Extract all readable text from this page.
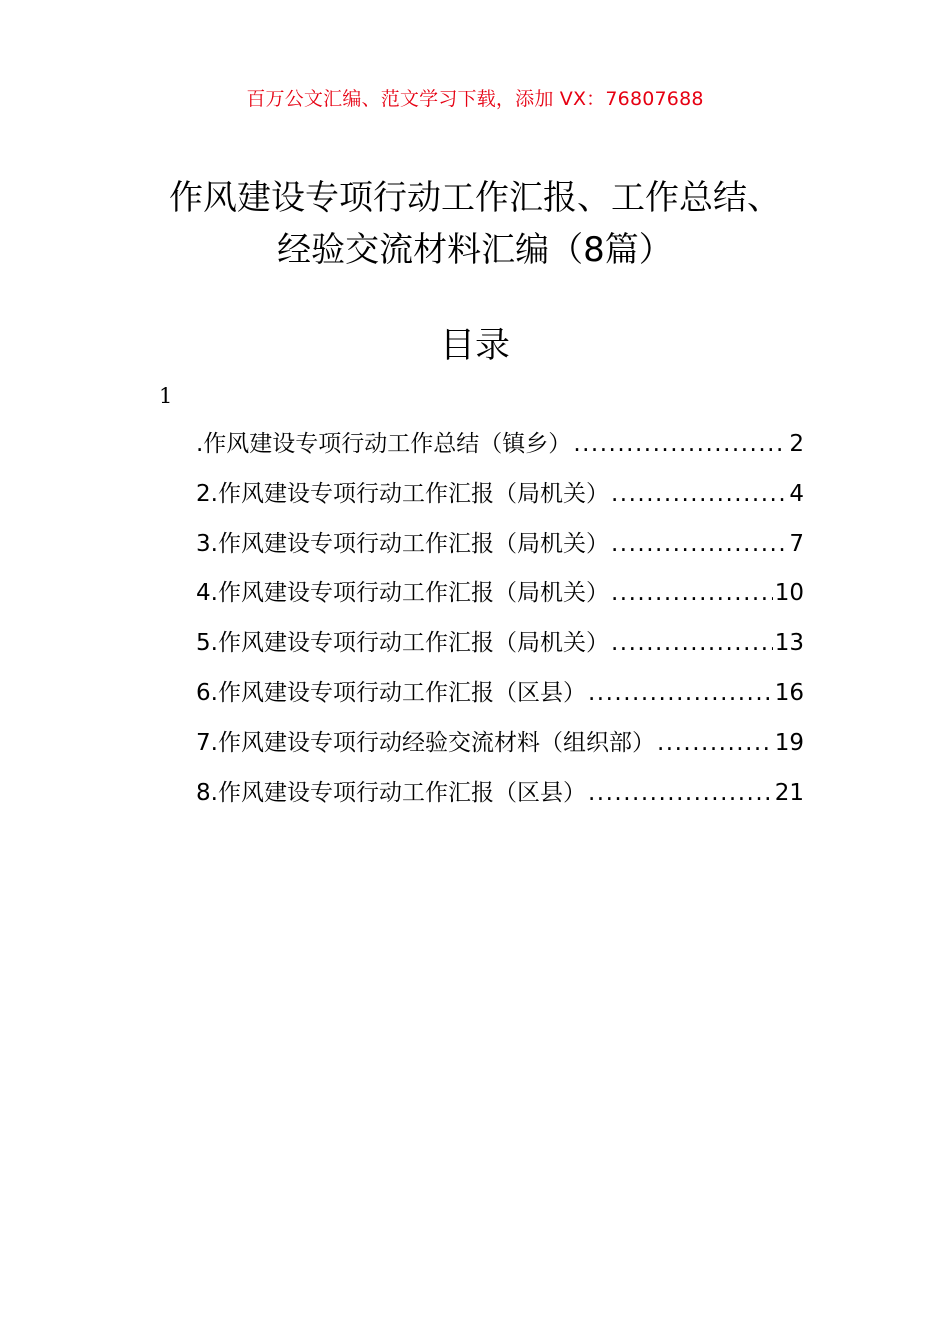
百万公文汇编、范文学习下载，添加 VX：76807688
作风建设专项行动工作汇报、工作总结、
经验交流材料汇编（8篇）
目录
1
.作风建设专项行动工作总结（镇乡） .....	2
2.作风建设专项行动工作汇报（局机关） .....	4
3.作风建设专项行动工作汇报（局机关） .....	7
4.作风建设专项行动工作汇报（局机关） .....	10
5.作风建设专项行动工作汇报（局机关） .....	13
6.作风建设专项行动工作汇报（区县） .....	16
7.作风建设专项行动经验交流材料（组织部） .....	19
8.作风建设专项行动工作汇报（区县） .....	21
